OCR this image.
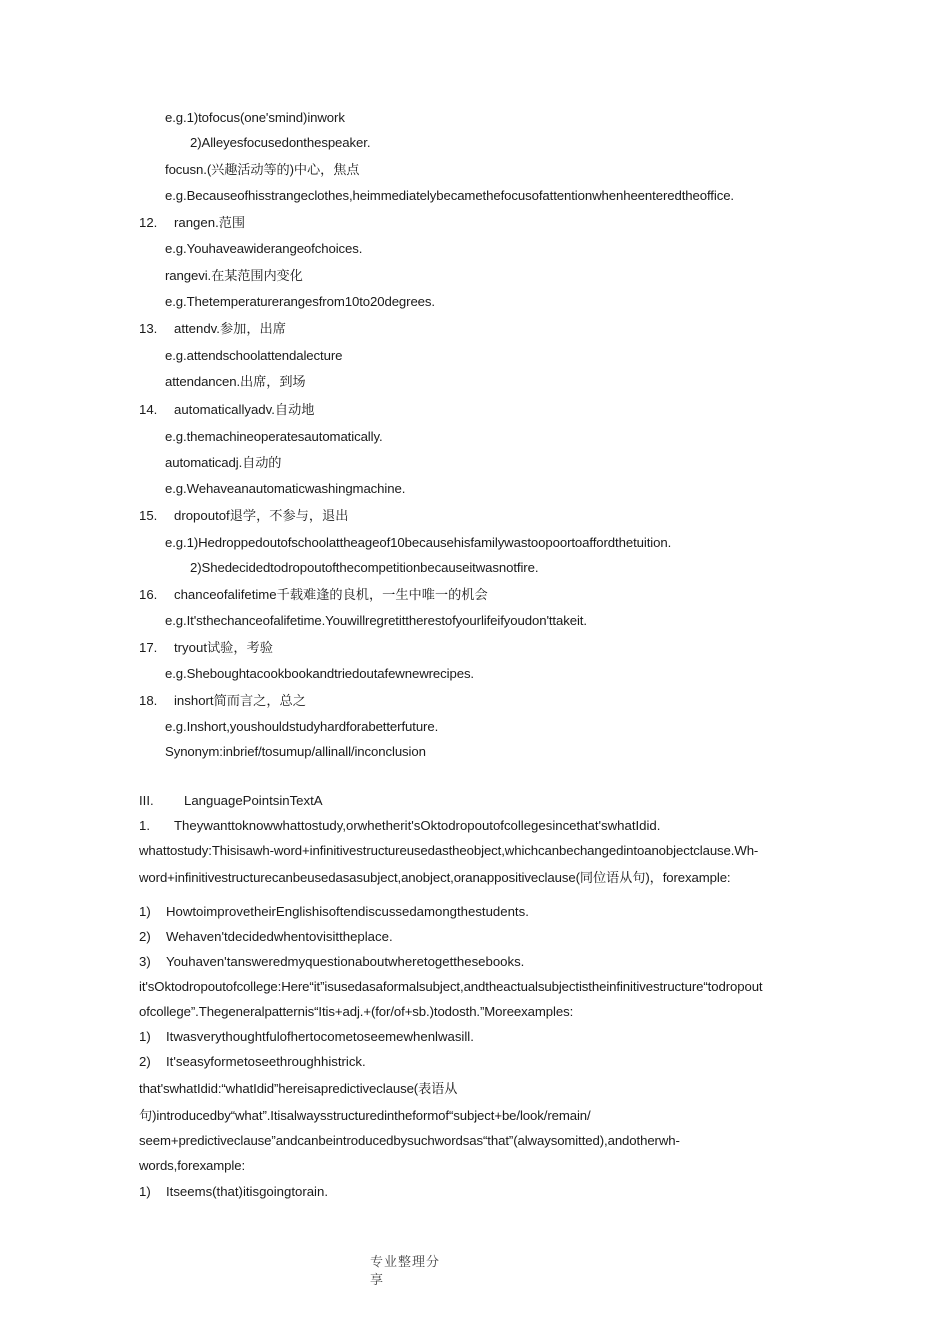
e.g.1)tofocus(one'smind)inwork
2)Alleyesfocusedonthespeaker.
focusn.(兴趣活动等的)中心，焦点
e.g.Becauseofhisstrangeclothes,heimmediatelybecamethefocusofattentionwhenheenteredtheoffice.
12. rangen.范围
e.g.Youhaveawiderangeofchoices.
rangevi.在某范围内变化
e.g.Thetemperaturerangesfrom10to20degrees.
13. attendv.参加，出席
e.g.attendschoolattendalecture
attendancen.出席，到场
14. automaticallyadv.自动地
e.g.themachineoperatesautomatically.
automaticadj.自动的
e.g.Wehaveanautomaticwashingmachine.
15. dropoutof退学，不参与，退出
e.g.1)Hedroppedoutofschoolattheageof10becausehisfamilywastoopoortoaffordthetuition.
2)Shedecidedtodropoutofthecompetitionbecauseitwasnotfire.
16. chanceofalifetime千载难逢的良机，一生中唯一的机会
e.g.It'sthechanceofalifetime.Youwillregretittherestofyourlifeifyoudon'ttakeit.
17. tryout试验，考验
e.g.Sheboughtacookbookandtriedoutafewnewrecipes.
18. inshort简而言之，总之
e.g.Inshort,youshouldstudyhardforabetterfuture.
Synonym:inbrief/tosumup/allinall/inconclusion
III. LanguagePointsinTextA
1. Theywanttoknowwhattostudy,orwhetherit'sOktodropoutofcollegesincethat'swhatIdid.
whattostudy:Thisisawh-word+infinitivestructureusedastheobject,whichcanbechangedintoanobjectclause.Wh-
word+infinitivestructurecanbeusedasasubject,anobject,oranappositiveclause(同位语从句)，forexample:
1) HowtoimprovetheirEnglishisoftendiscussedamongthestudents.
2) Wehaven'tdecidedwhentovisittheplace.
3) Youhaven'tansweredmyquestionaboutwheretogetthesebooks.
it'sOktodropoutofcollege:Here“it”isusedasaformalsubject,andtheactualsubjectistheinfinitivestructure“todropout
ofcollege”.Thegeneralpatternis“Itis+adj.+(for/of+sb.)todosth.”Moreexamples:
1) Itwasverythoughtfulofhertocometoseemewhenlwasill.
2) It'seasyformetoseethroughhistrick.
that'swhatIdid:“whatIdid”hereisapredictiveclause(表语从
句)introducedby“what”.Itisalwaysstructuredintheformof“subject+be/look/remain/
seem+predictiveclause”andcanbeintroducedbysuchwordsas“that”(alwaysomitted),andotherwh-
words,forexample:
1) Itseems(that)itisgoingtorain.
专业整理分
享
